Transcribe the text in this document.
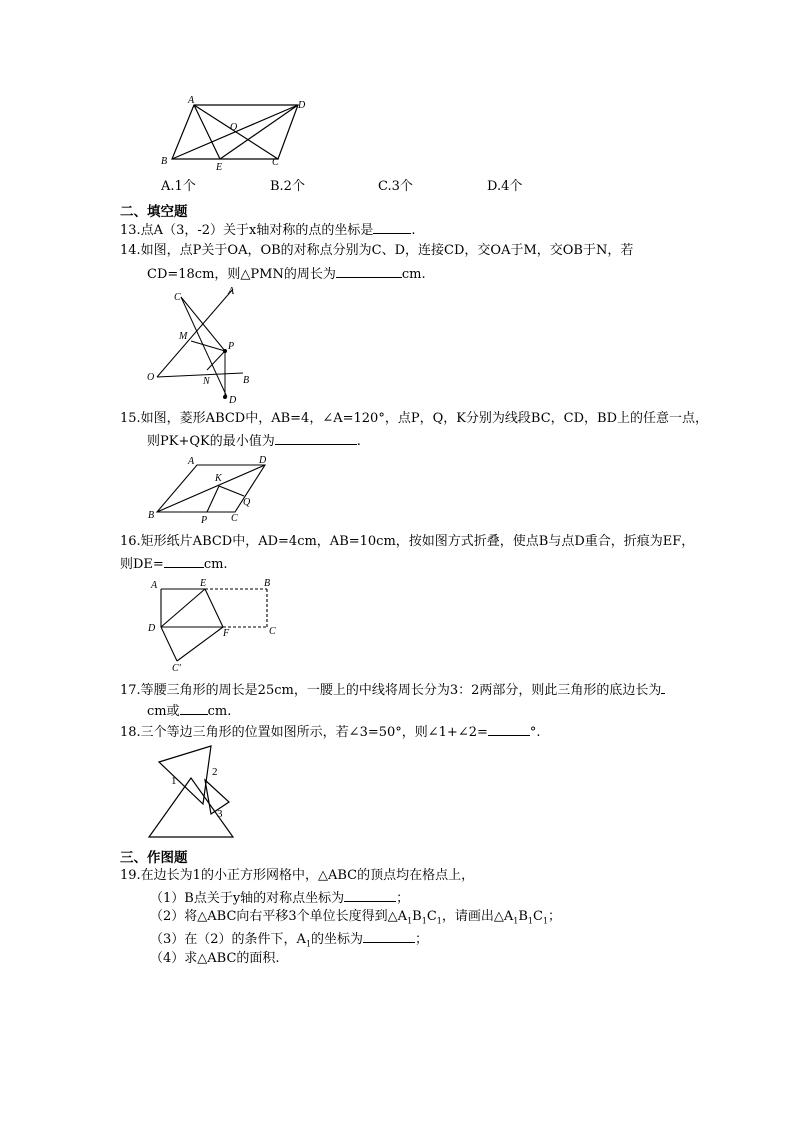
A	D
O
B
E	C
A.1个	B.2个	C.3个	D.4个
二、填空题
13.点A（3，-2）关于x轴对称的点的坐标是	.
14.如图，点P关于OA，OB的对称点分别为C、D，连接CD，交OA于M，交OB于N，若
CD=18cm，则△PMN的周长为	cm.
C
A
M
P
O	N	B
D
15.如图，菱形ABCD中，AB=4，∠A=120°，点P，Q，K分别为线段BC，CD，BD上的任意一点，
则PK+QK的最小值为	.
A	D
K
Q
B	P C
16.矩形纸片ABCD中，AD=4cm，AB=10cm，按如图方式折叠，使点B与点D重合，折痕为EF，
则DE=	cm.
A	E	B
D	F	C
C′
17.等腰三角形的周长是25cm，一腰上的中线将周长分为3：2两部分，则此三角形的底边长为
cm或 cm.
18.三个等边三角形的位置如图所示，若∠3=50°，则∠1+∠2=	°.
1
2
3
三、作图题
19.在边长为1的小正方形网格中，△ABC的顶点均在格点上，
（1）B点关于y轴的对称点坐标为	；
（2）将△ABC向右平移3个单位长度得到$\triangle A_1B_1C_1$，请画出$\triangle A_1B_1C_1$；
（3）在（2）的条件下，$A_1$的坐标为	；
（4）求△ABC的面积.
